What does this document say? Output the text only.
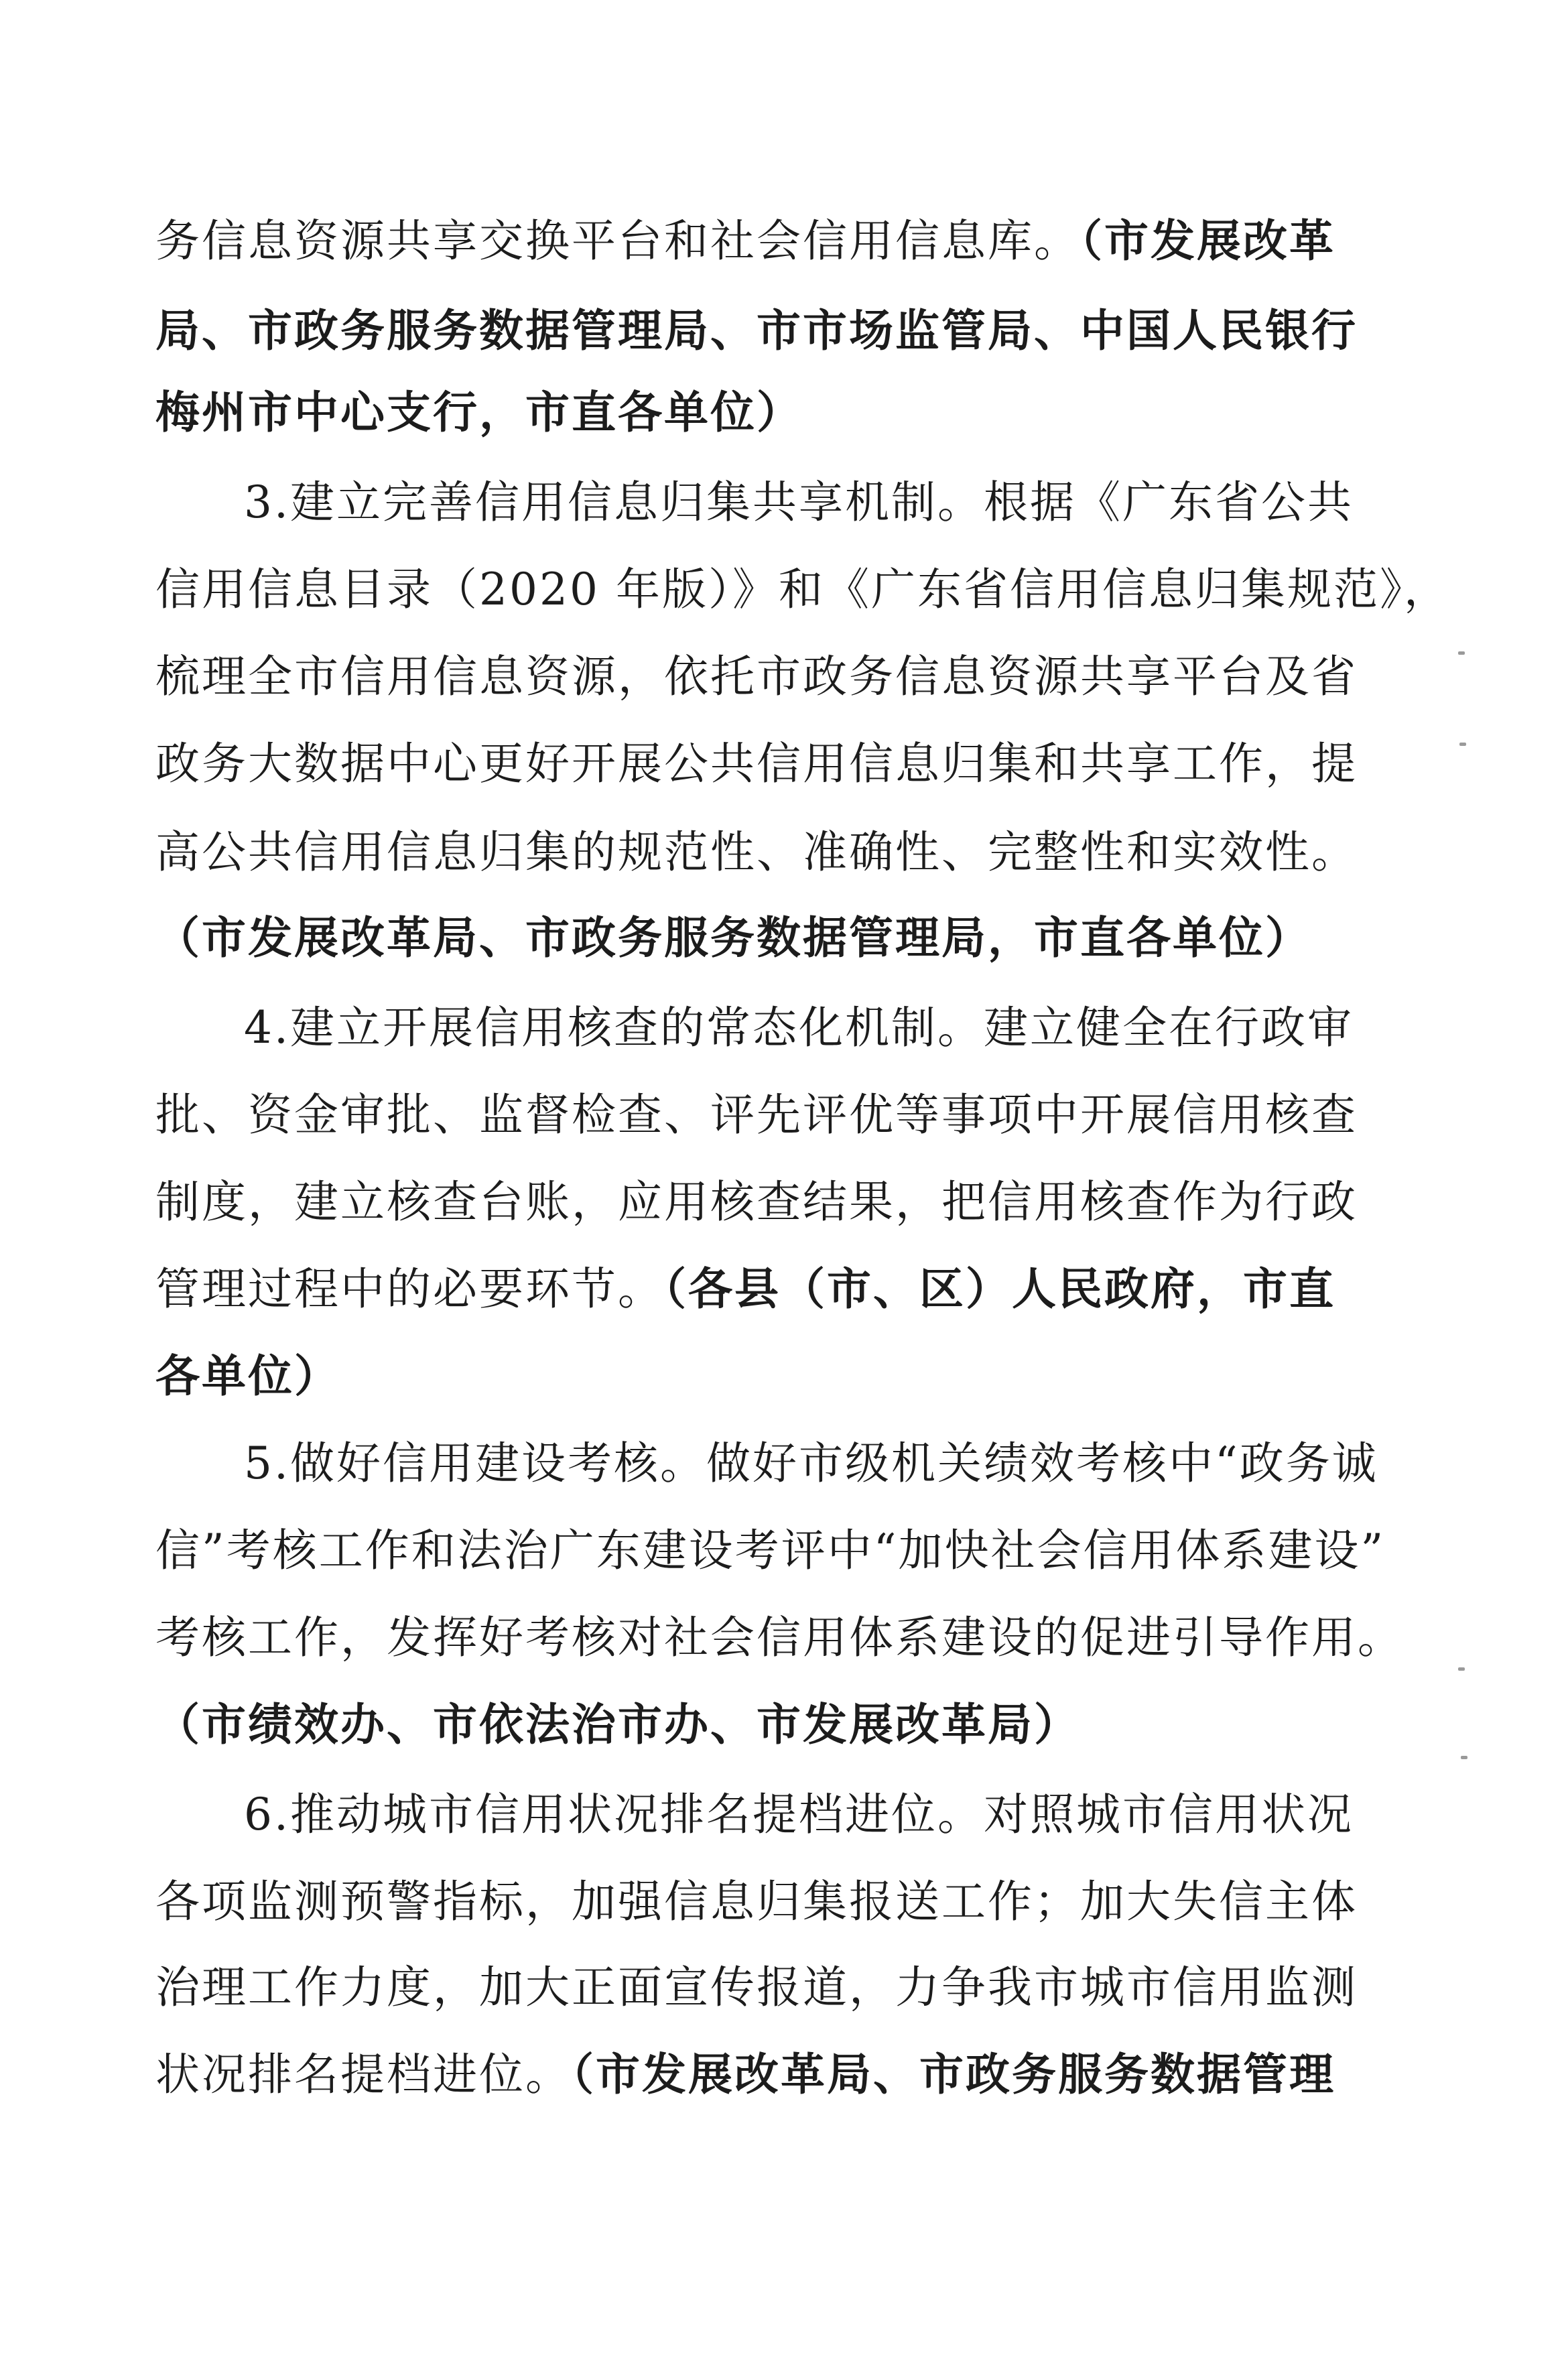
务信息资源共享交换平台和社会信用信息库。（市发展改革
局、市政务服务数据管理局、市市场监管局、中国人民银行
梅州市中心支行，市直各单位）
3.建立完善信用信息归集共享机制。根据《广东省公共
信用信息目录（2020 年版）》和《广东省信用信息归集规范》，
梳理全市信用信息资源，依托市政务信息资源共享平台及省
政务大数据中心更好开展公共信用信息归集和共享工作，提
高公共信用信息归集的规范性、准确性、完整性和实效性。
（市发展改革局、市政务服务数据管理局，市直各单位）
4.建立开展信用核查的常态化机制。建立健全在行政审
批、资金审批、监督检查、评先评优等事项中开展信用核查
制度，建立核查台账，应用核查结果，把信用核查作为行政
管理过程中的必要环节。（各县（市、区）人民政府，市直
各单位）
5.做好信用建设考核。做好市级机关绩效考核中“政务诚
信”考核工作和法治广东建设考评中“加快社会信用体系建设”
考核工作，发挥好考核对社会信用体系建设的促进引导作用。
（市绩效办、市依法治市办、市发展改革局）
6.推动城市信用状况排名提档进位。对照城市信用状况
各项监测预警指标，加强信息归集报送工作；加大失信主体
治理工作力度，加大正面宣传报道，力争我市城市信用监测
状况排名提档进位。（市发展改革局、市政务服务数据管理
